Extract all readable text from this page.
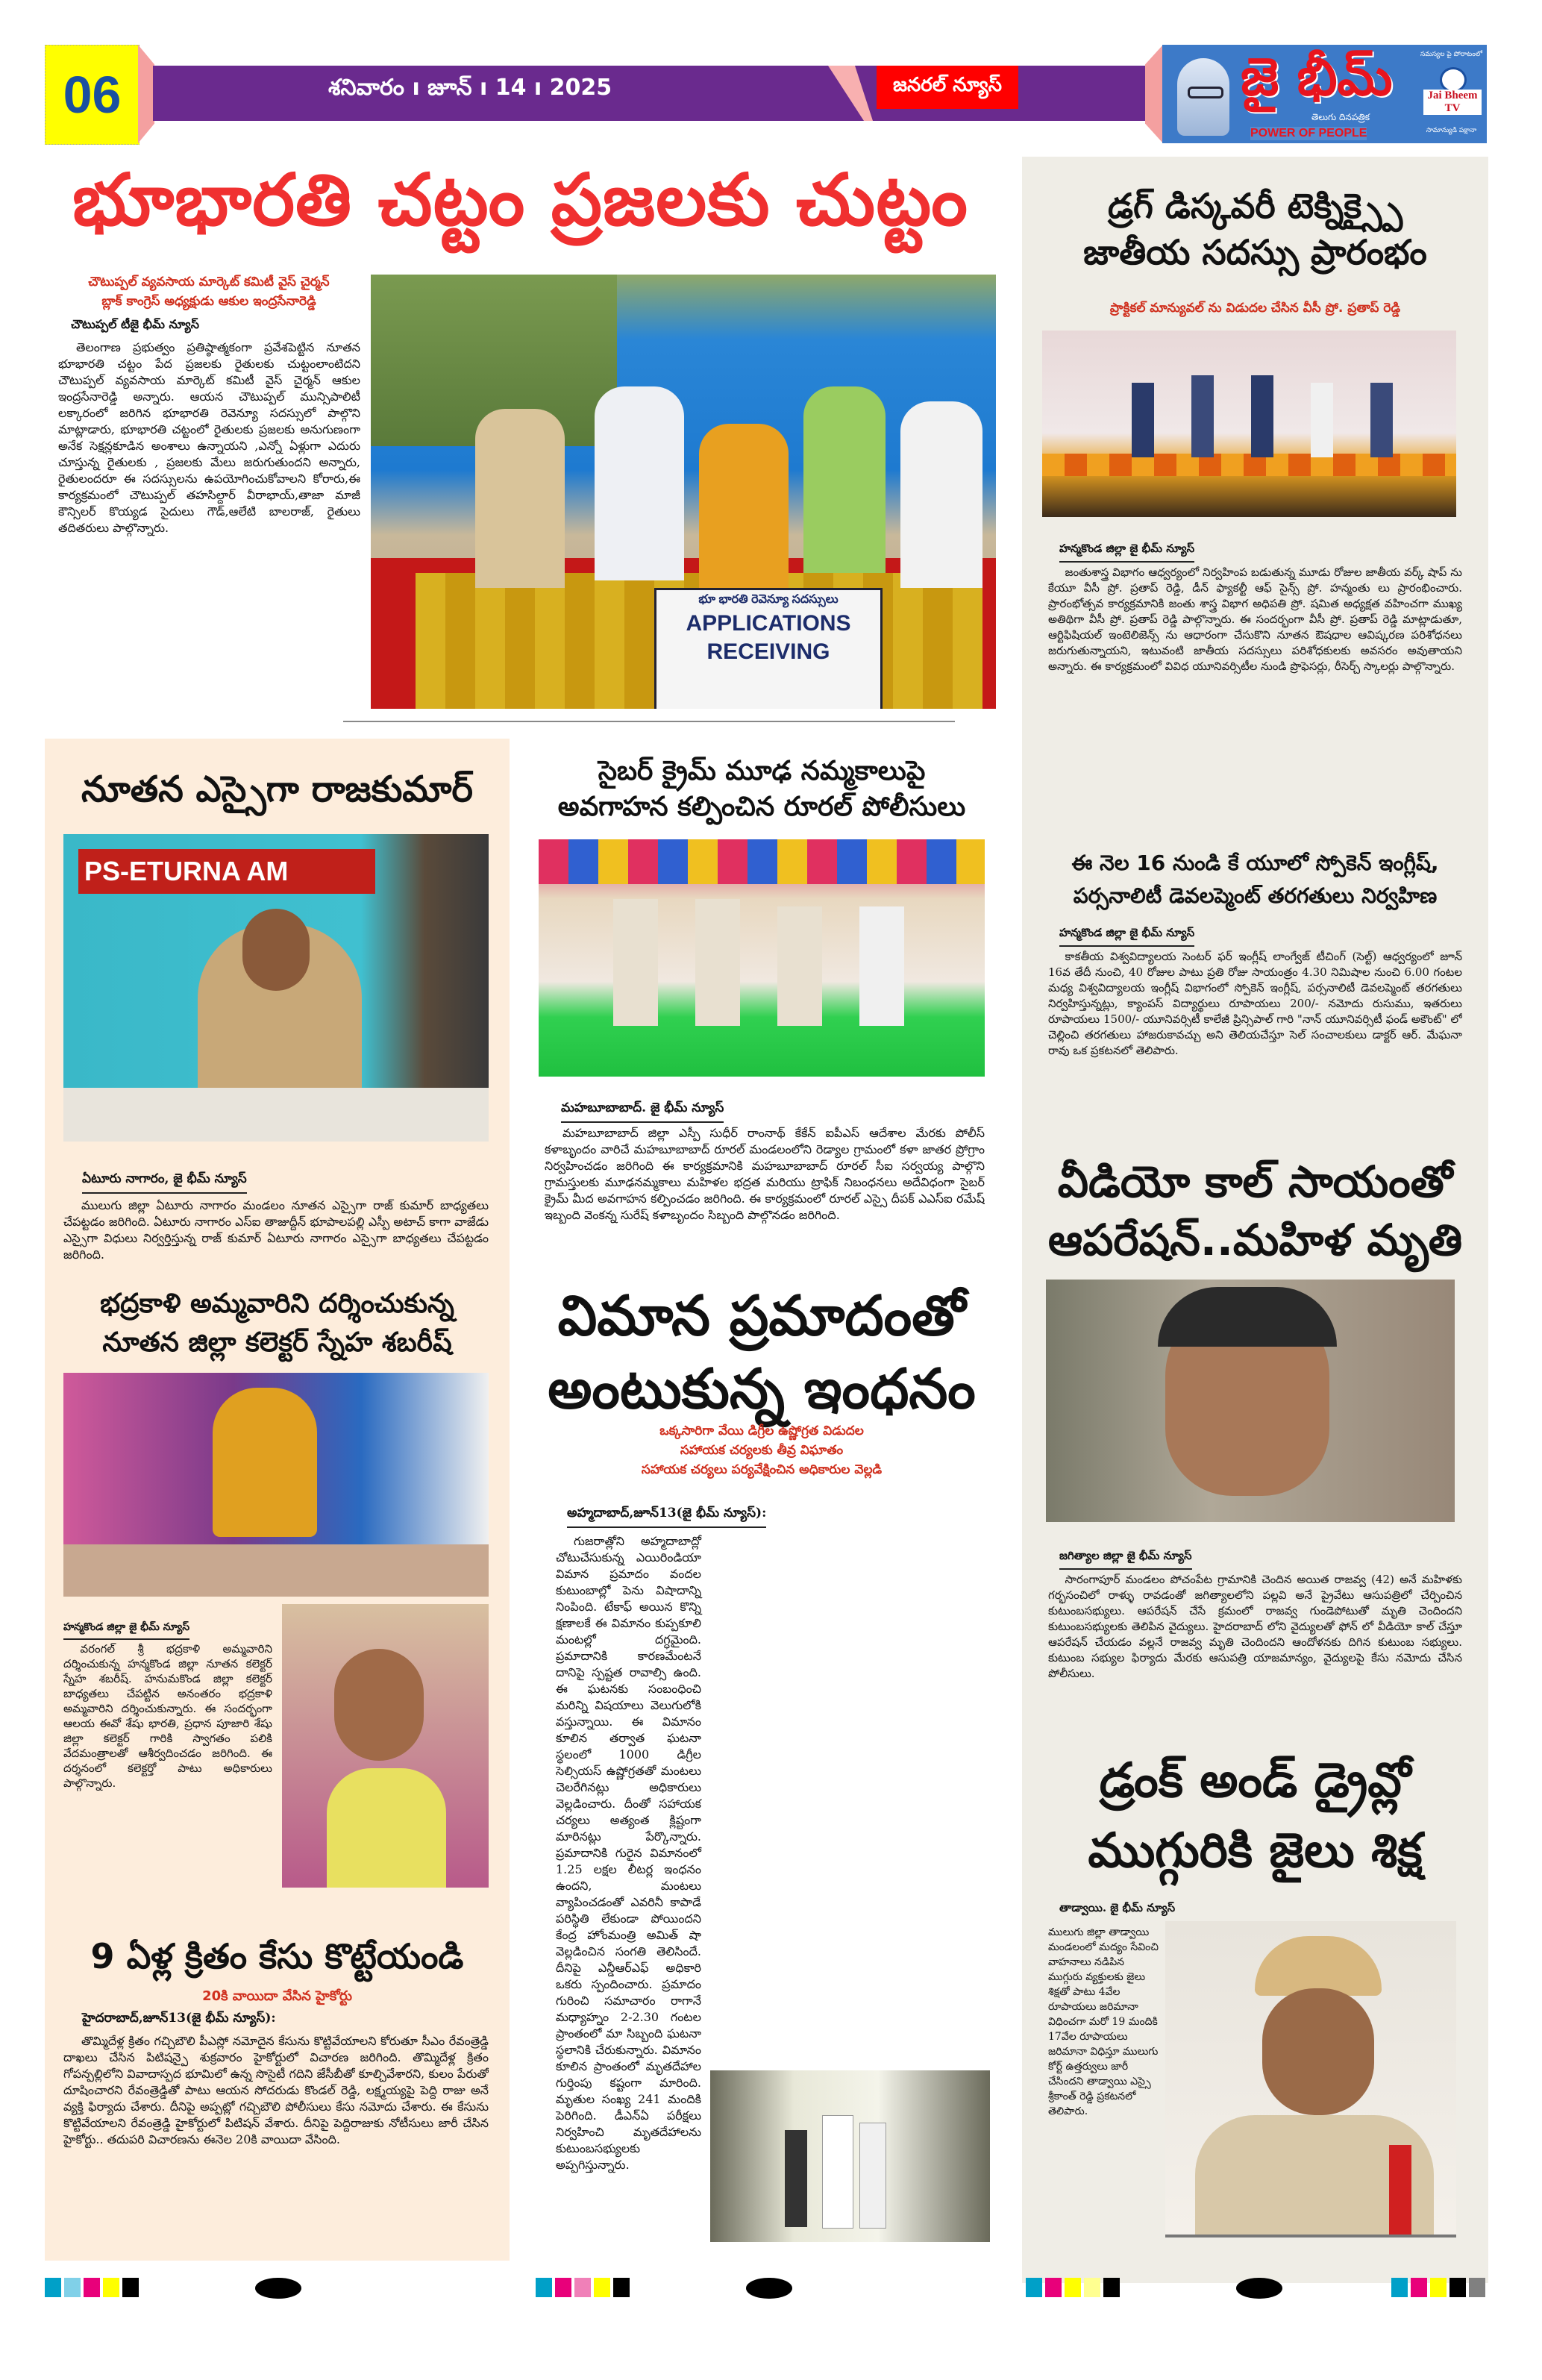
06	శనివారం ı జూన్ ı 14 ı 2025	జనరల్ న్యూస్	జై భీమ్
తెలుగు దినపత్రిక
POWER OF PEOPLE
సమస్యల పై పోరాటంలో
Jai Bheem TV
సామాన్యుడి పక్షానా
భూభారతి చట్టం ప్రజలకు చుట్టం
చౌటుప్పల్ వ్యవసాయ మార్కెట్ కమిటీ వైస్ చైర్మన్
బ్లాక్ కాంగ్రెస్ అధ్యక్షుడు ఆకుల ఇంద్రసేనారెడ్డి
చౌటుప్పల్ టీజై భీమ్ న్యూస్

తెలంగాణ ప్రభుత్వం ప్రతిష్ఠాత్మకంగా ప్రవేశపెట్టిన నూతన భూభారతి చట్టం పేద ప్రజలకు రైతులకు చుట్టంలాంటిదని చౌటుప్పల్ వ్యవసాయ మార్కెట్ కమిటీ వైస్ చైర్మన్ ఆకుల ఇంద్రసేనారెడ్డి అన్నారు. ఆయన చౌటుప్పల్ మున్సిపాలిటీ లక్కారంలో జరిగిన భూభారతి రెవెన్యూ సదస్సులో పాల్గొని మాట్లాడారు, భూభారతి చట్టంలో రైతులకు ప్రజలకు అనుగుణంగా అనేక సెక్షన్లకూడిన అంశాలు ఉన్నాయని ,ఎన్నో ఏళ్లుగా ఎదురు చూస్తున్న రైతులకు , ప్రజలకు మేలు జరుగుతుందని అన్నారు, రైతులందరూ ఈ సదస్సులను ఉపయోగించుకోవాలని కోరారు,ఈ కార్యక్రమంలో చౌటుప్పల్ తహసిల్దార్ వీరాభాయ్,తాజా మాజీ కౌన్సిలర్ కొయ్యడ సైదులు గౌడ్,ఆలేటి బాలరాజ్, రైతులు తదితరులు పాల్గొన్నారు.

భూ భారతి రెవెన్యూ సదస్సులు
APPLICATIONS
RECEIVING
నూతన ఎస్సైగా రాజకుమార్
PS-ETURNA AM
ఏటూరు నాగారం, జై భీమ్ న్యూస్

ములుగు జిల్లా ఏటూరు నాగారం మండలం నూతన ఎస్సైగా రాజ్ కుమార్ బాధ్యతలు చేపట్టడం జరిగింది. ఏటూరు నాగారం ఎస్ఐ తాజుద్దీన్ భూపాలపల్లి ఎస్పీ అటాచ్ కాగా వాజేడు ఎస్సైగా విధులు నిర్వర్తిస్తున్న రాజ్ కుమార్ ఏటూరు నాగారం ఎస్సైగా బాధ్యతలు చేపట్టడం జరిగింది.

భద్రకాళి అమ్మవారిని దర్శించుకున్న
నూతన జిల్లా కలెక్టర్ స్నేహ శబరీష్
హన్మకొండ జిల్లా జై భీమ్ న్యూస్

వరంగల్ శ్రీ భద్రకాళి అమ్మవారిని దర్శించుకున్న హన్మకొండ జిల్లా నూతన కలెక్టర్ స్నేహ శబరీష్. హనుమకొండ జిల్లా కలెక్టర్ బాధ్యతలు చేపట్టిన అనంతరం భద్రకాళి అమ్మవారిని దర్శించుకున్నారు. ఈ సందర్భంగా ఆలయ ఈవో శేషు భారతి, ప్రధాన పూజారి శేషు జిల్లా కలెక్టర్ గారికి స్వాగతం పలికి వేదమంత్రాలతో ఆశీర్వదించడం జరిగింది. ఈ దర్శనంలో కలెక్టర్తో పాటు అధికారులు పాల్గొన్నారు.

9 ఏళ్ల క్రితం కేసు కొట్టేయండి
20కి వాయిదా వేసిన హైకోర్టు
హైదరాబాద్,జూన్13(జై భీమ్ న్యూస్):

తొమ్మిదేళ్ల క్రితం గచ్చిబౌలి పీఎస్లో నమోదైన కేసును కొట్టివేయాలని కోరుతూ సీఎం రేవంత్రెడ్డి దాఖలు చేసిన పిటిషన్పై శుక్రవారం హైకోర్టులో విచారణ జరిగింది. తొమ్మిదేళ్ల క్రితం గోపన్పల్లిలోని వివాదాస్పద భూమిలో ఉన్న సొసైటీ గదిని జేసీబీతో కూల్చివేశారని, కులం పేరుతో దూషించారని రేవంత్రెడ్డితో పాటు ఆయన సోదరుడు కొండల్ రెడ్డి, లక్ష్మయ్యపై పెద్ది రాజు అనే వ్యక్తి ఫిర్యాదు చేశారు. దీనిపై అప్పట్లో గచ్చిబౌలి పోలీసులు కేసు నమోదు చేశారు. ఈ కేసును కొట్టివేయాలని రేవంత్రెడ్డి హైకోర్టులో పిటిషన్ వేశారు. దీనిపై పెద్దిరాజుకు నోటీసులు జారీ చేసిన హైకోర్టు.. తదుపరి విచారణను ఈనెల 20కి వాయిదా వేసింది.

సైబర్ క్రైమ్ మూఢ నమ్మకాలుపై
అవగాహన కల్పించిన రూరల్ పోలీసులు
మహబూబాబాద్. జై భీమ్ న్యూస్

మహబూబాబాద్ జిల్లా ఎస్పీ సుధీర్ రాంనాథ్ కేకేన్ ఐపీఎస్ ఆదేశాల మేరకు పోలీస్ కళాబృందం వారిచే మహబూబాబాద్ రూరల్ మండలంలోని రెడ్యాల గ్రామంలో కళా జాతర ప్రోగ్రాం నిర్వహించడం జరిగింది ఈ కార్యక్రమానికి మహబూబాబాద్ రూరల్ సీఐ సర్వయ్య పాల్గొని గ్రామస్తులకు మూఢనమ్మకాలు మహిళల భద్రత మరియు ట్రాఫిక్ నిబంధనలు అదేవిధంగా సైబర్ క్రైమ్ మీద అవగాహన కల్పించడం జరిగింది. ఈ కార్యక్రమంలో రూరల్ ఎస్సై దీపక్ ఎఎస్ఐ రమేష్ ఇబ్బంది వెంకన్న సురేష్ కళాబృందం సిబ్బంది పాల్గొనడం జరిగింది.

విమాన ప్రమాదంతో
అంటుకున్న ఇంధనం
ఒక్కసారిగా వేయి డిగ్రీల ఉష్ణోగ్రత విడుదల
సహాయక చర్యలకు తీవ్ర విఘాతం
సహాయక చర్యలు పర్యవేక్షించిన అధికారుల వెల్లడి
అహ్మదాబాద్,జూన్13(జై భీమ్ న్యూస్):

గుజరాత్లోని అహ్మదాబాద్లో చోటుచేసుకున్న ఎయిరిండియా విమాన ప్రమాదం వందల కుటుంబాల్లో పెను విషాదాన్ని నింపింది. టేకాఫ్ అయిన కొన్ని క్షణాలకే ఈ విమానం కుప్పకూలి మంటల్లో దగ్ధమైంది. ప్రమాదానికి కారణమేంటనే దానిపై స్పష్టత రావాల్సి ఉంది. ఈ ఘటనకు సంబంధించి మరిన్ని విషయాలు వెలుగులోకి వస్తున్నాయి. ఈ విమానం కూలిన తర్వాత ఘటనా స్థలంలో 1000 డిగ్రీల సెల్సియస్ ఉష్ణోగ్రతతో మంటలు చెలరేగినట్లు అధికారులు వెల్లడించారు. దీంతో సహాయక చర్యలు అత్యంత క్లిష్టంగా మారినట్లు పేర్కొన్నారు. ప్రమాదానికి గురైన విమానంలో 1.25 లక్షల లీటర్ల ఇంధనం ఉందని, మంటలు వ్యాపించడంతో ఎవరినీ కాపాడే పరిస్థితి లేకుండా పోయిందని కేంద్ర హోంమంత్రి అమిత్ షా వెల్లడించిన సంగతి తెలిసిందే. దీనిపై ఎన్డీఆర్ఎఫ్ అధికారి ఒకరు స్పందించారు. ప్రమాదం గురించి సమాచారం రాగానే మధ్యాహ్నం 2-2.30 గంటల ప్రాంతంలో మా సిబ్బంది ఘటనా స్థలానికి చేరుకున్నారు. విమానం కూలిన ప్రాంతంలో మృతదేహాల గుర్తింపు కష్టంగా మారింది. మృతుల సంఖ్య 241 మందికి పెరిగింది. డీఎన్ఏ పరీక్షలు నిర్వహించి మృతదేహాలను కుటుంబసభ్యులకు అప్పగిస్తున్నారు.

డ్రగ్ డిస్కవరీ టెక్నిక్స్పై
జాతీయ సదస్సు ప్రారంభం
ప్రాక్టికల్ మాన్యువల్ ను విడుదల చేసిన వీసీ ప్రో. ప్రతాప్ రెడ్డి
హన్మకొండ జిల్లా జై భీమ్ న్యూస్

జంతుశాస్త్ర విభాగం ఆధ్వర్యంలో నిర్వహింప బడుతున్న మూడు రోజుల జాతీయ వర్క్ షాప్ ను కేయూ వీసీ ప్రో. ప్రతాప్ రెడ్డి, డీన్ ఫ్యాకల్టీ ఆఫ్ సైన్స్ ప్రో. హన్మంతు లు ప్రారంభించారు. ప్రారంభోత్సవ కార్యక్రమానికి జంతు శాస్త్ర విభాగ అధిపతి ప్రో. షమిత అధ్యక్షత వహించగా ముఖ్య అతిథిగా వీసీ ప్రో. ప్రతాప్ రెడ్డి పాల్గొన్నారు. ఈ సందర్భంగా వీసీ ప్రో. ప్రతాప్ రెడ్డి మాట్లాడుతూ, ఆర్టిఫిషియల్ ఇంటెలిజెన్స్ ను ఆధారంగా చేసుకొని నూతన ఔషధాల ఆవిష్కరణ పరిశోధనలు జరుగుతున్నాయని, ఇటువంటి జాతీయ సదస్సులు పరిశోధకులకు అవసరం అవుతాయని అన్నారు. ఈ కార్యక్రమంలో వివిధ యూనివర్సిటీల నుండి ప్రొఫెసర్లు, రీసెర్చ్ స్కాలర్లు పాల్గొన్నారు.

ఈ నెల 16 నుండి కే యూలో స్పోకెన్ ఇంగ్లీష్,
పర్సనాలిటీ డెవలప్మెంట్ తరగతులు నిర్వహిణ
హన్మకొండ జిల్లా జై భీమ్ న్యూస్

కాకతీయ విశ్వవిద్యాలయ సెంటర్ ఫర్ ఇంగ్లీష్ లాంగ్వేజ్ టీచింగ్ (సెల్ట్) ఆధ్వర్యంలో జూన్ 16వ తేదీ నుంచి, 40 రోజుల పాటు ప్రతి రోజు సాయంత్రం 4.30 నిమిషాల నుంచి 6.00 గంటల మధ్య విశ్వవిద్యాలయ ఇంగ్లీష్ విభాగంలో స్పోకెన్ ఇంగ్లీష్, పర్సనాలిటీ డెవలప్మెంట్ తరగతులు నిర్వహిస్తున్నట్లు, క్యాంపస్ విద్యార్థులు రూపాయలు 200/- నమోదు రుసుము, ఇతరులు రూపాయలు 1500/- యూనివర్సిటీ కాలేజీ ప్రిన్సిపాల్ గారి "నాన్ యూనివర్సిటీ ఫండ్ అకౌంట్" లో చెల్లించి తరగతులు హాజరుకావచ్చు అని తెలియచేస్తూ సెల్ సంచాలకులు డాక్టర్ ఆర్. మేఘనా రావు ఒక ప్రకటనలో తెలిపారు.

వీడియో కాల్ సాయంతో
ఆపరేషన్..మహిళ మృతి
జగిత్యాల జిల్లా జై భీమ్ న్యూస్

సారంగాపూర్ మండలం పోచంపేట గ్రామానికి చెందిన అయిత రాజవ్వ (42) అనే మహిళకు గర్భసంచిలో రాళ్ళు రావడంతో జగిత్యాలలోని పల్లవి అనే ప్రైవేటు ఆసుపత్రిలో చేర్పించిన కుటుంబసభ్యులు. ఆపరేషన్ చేసే క్రమంలో రాజవ్వ గుండెపోటుతో మృతి చెందిందని కుటుంబసభ్యులకు తెలిపిన వైద్యులు. హైదరాబాద్ లోని వైద్యులతో ఫోన్ లో వీడియో కాల్ చేస్తూ ఆపరేషన్ చేయడం వల్లనే రాజవ్వ మృతి చెందిందని ఆందోళనకు దిగిన కుటుంబ సభ్యులు. కుటుంబ సభ్యుల ఫిర్యాదు మేరకు ఆసుపత్రి యాజమాన్యం, వైద్యులపై కేసు నమోదు చేసిన పోలీసులు.

డ్రంక్ అండ్ డ్రైవ్లో
ముగ్గురికి జైలు శిక్ష
తాడ్వాయి. జై భీమ్ న్యూస్

ములుగు జిల్లా తాడ్వాయి మండలంలో మద్యం సేవించి వాహనాలు నడిపిన ముగ్గురు వ్యక్తులకు జైలు శిక్షతో పాటు 4వేల రూపాయలు జరిమానా విధించగా మరో 19 మందికి 17వేల రూపాయలు జరిమానా విధిస్తూ ములుగు కోర్ట్ ఉత్తర్వులు జారీ చేసిందని తాడ్వాయి ఎస్సై శ్రీకాంత్ రెడ్డి ప్రకటనలో తెలిపారు.
